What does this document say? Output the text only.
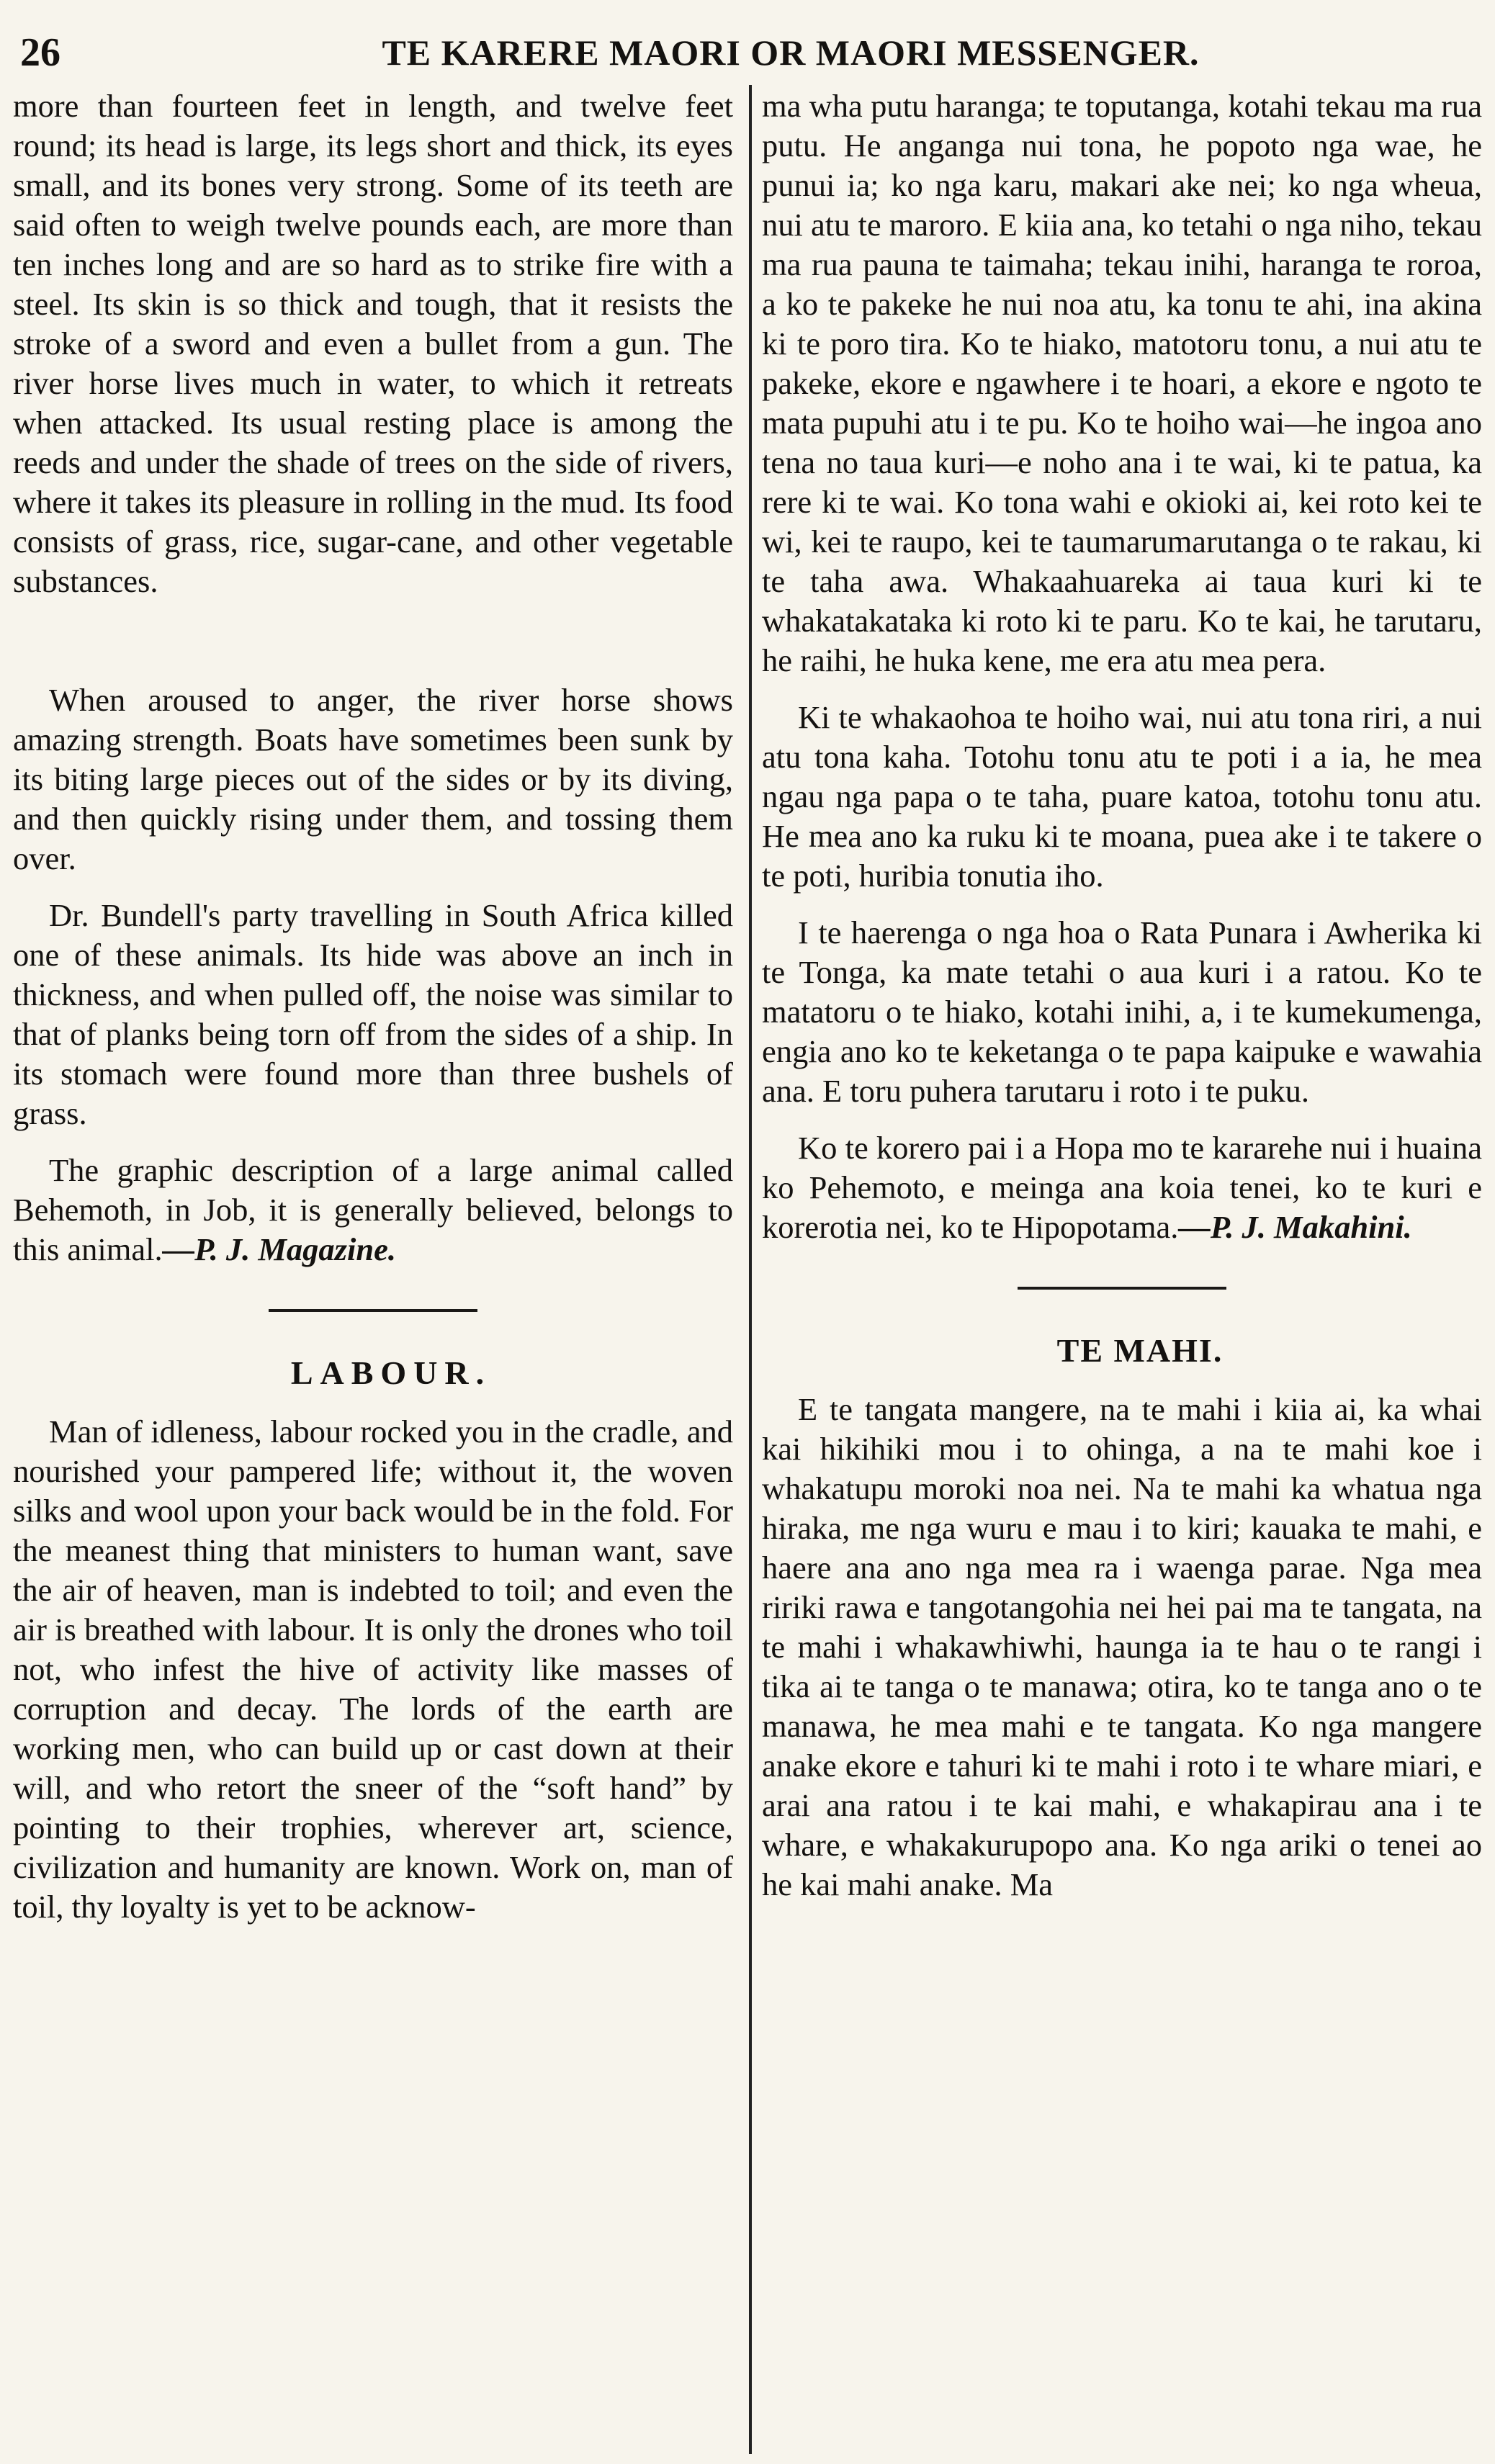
26	TE KARERE MAORI OR MAORI MESSENGER.

more than fourteen feet in length, and twelve feet round; its head is large, its legs short and thick, its eyes small, and its bones very strong. Some of its teeth are said often to weigh twelve pounds each, are more than ten inches long and are so hard as to strike fire with a steel. Its skin is so thick and tough, that it resists the stroke of a sword and even a bullet from a gun. The river horse lives much in water, to which it retreats when attacked. Its usual resting place is among the reeds and under the shade of trees on the side of rivers, where it takes its pleasure in rolling in the mud. Its food consists of grass, rice, sugar-cane, and other vegetable substances.

When aroused to anger, the river horse shows amazing strength. Boats have sometimes been sunk by its biting large pieces out of the sides or by its diving, and then quickly rising under them, and tossing them over.

Dr. Bundell's party travelling in South Africa killed one of these animals. Its hide was above an inch in thickness, and when pulled off, the noise was similar to that of planks being torn off from the sides of a ship. In its stomach were found more than three bushels of grass.

The graphic description of a large animal called Behemoth, in Job, it is generally believed, belongs to this animal.—P. J. Magazine.

LABOUR.

Man of idleness, labour rocked you in the cradle, and nourished your pampered life; without it, the woven silks and wool upon your back would be in the fold. For the meanest thing that ministers to human want, save the air of heaven, man is indebted to toil; and even the air is breathed with labour. It is only the drones who toil not, who infest the hive of activity like masses of corruption and decay. The lords of the earth are working men, who can build up or cast down at their will, and who retort the sneer of the “soft hand” by pointing to their trophies, wherever art, science, civilization and humanity are known. Work on, man of toil, thy loyalty is yet to be acknow-

ma wha putu haranga; te toputanga, kotahi tekau ma rua putu. He anganga nui tona, he popoto nga wae, he punui ia; ko nga karu, makari ake nei; ko nga wheua, nui atu te maroro. E kiia ana, ko tetahi o nga niho, tekau ma rua pauna te taimaha; tekau inihi, haranga te roroa, a ko te pakeke he nui noa atu, ka tonu te ahi, ina akina ki te poro tira. Ko te hiako, matotoru tonu, a nui atu te pakeke, ekore e ngawhere i te hoari, a ekore e ngoto te mata pupuhi atu i te pu. Ko te hoiho wai—he ingoa ano tena no taua kuri—e noho ana i te wai, ki te patua, ka rere ki te wai. Ko tona wahi e okioki ai, kei roto kei te wi, kei te raupo, kei te taumarumarutanga o te rakau, ki te taha awa. Whakaahuareka ai taua kuri ki te whakatakataka ki roto ki te paru. Ko te kai, he tarutaru, he raihi, he huka kene, me era atu mea pera.

Ki te whakaohoa te hoiho wai, nui atu tona riri, a nui atu tona kaha. Totohu tonu atu te poti i a ia, he mea ngau nga papa o te taha, puare katoa, totohu tonu atu. He mea ano ka ruku ki te moana, puea ake i te takere o te poti, huribia tonutia iho.

I te haerenga o nga hoa o Rata Punara i Awherika ki te Tonga, ka mate tetahi o aua kuri i a ratou. Ko te matatoru o te hiako, kotahi inihi, a, i te kumekumenga, engia ano ko te keketanga o te papa kaipuke e wawahia ana. E toru puhera tarutaru i roto i te puku.

Ko te korero pai i a Hopa mo te kararehe nui i huaina ko Pehemoto, e meinga ana koia tenei, ko te kuri e korerotia nei, ko te Hipopotama.—P. J. Makahini.

TE MAHI.

E te tangata mangere, na te mahi i kiia ai, ka whai kai hikihiki mou i to ohinga, a na te mahi koe i whakatupu moroki noa nei. Na te mahi ka whatua nga hiraka, me nga wuru e mau i to kiri; kauaka te mahi, e haere ana ano nga mea ra i waenga parae. Nga mea ririki rawa e tangotangohia nei hei pai ma te tangata, na te mahi i whakawhiwhi, haunga ia te hau o te rangi i tika ai te tanga o te manawa; otira, ko te tanga ano o te manawa, he mea mahi e te tangata. Ko nga mangere anake ekore e tahuri ki te mahi i roto i te whare miari, e arai ana ratou i te kai mahi, e whakapirau ana i te whare, e whakakurupopo ana. Ko nga ariki o tenei ao he kai mahi anake. Ma
